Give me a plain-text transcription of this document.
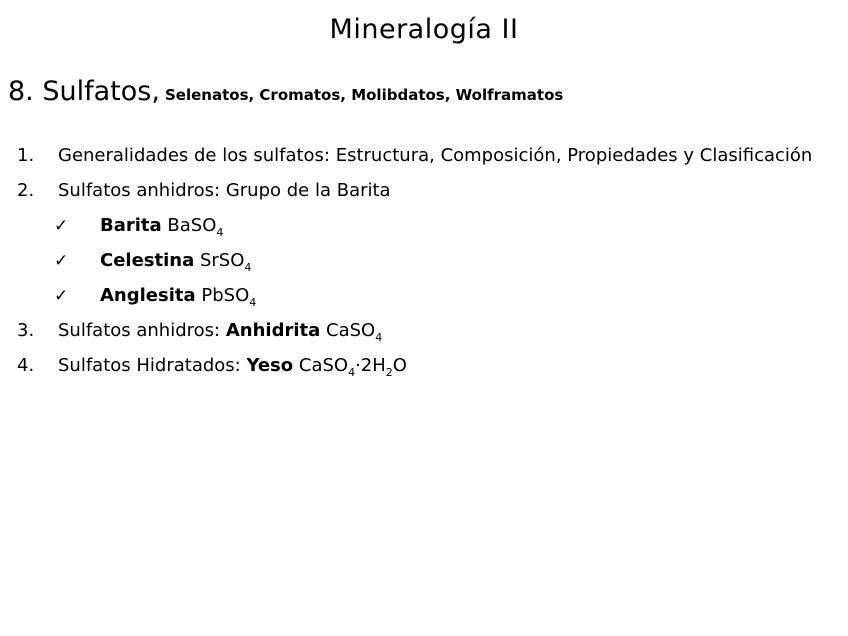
Mineralogía II
8. Sulfatos, Selenatos, Cromatos, Molibdatos, Wolframatos
1. Generalidades de los sulfatos: Estructura, Composición, Propiedades y Clasificación
2. Sulfatos anhidros: Grupo de la Barita
✓ Barita BaSO$_4$
✓ Celestina SrSO$_4$
✓ Anglesita PbSO$_4$
3. Sulfatos anhidros: Anhidrita CaSO$_4$
4. Sulfatos Hidratados: Yeso $CaSO_4\cdot 2H_2O$
